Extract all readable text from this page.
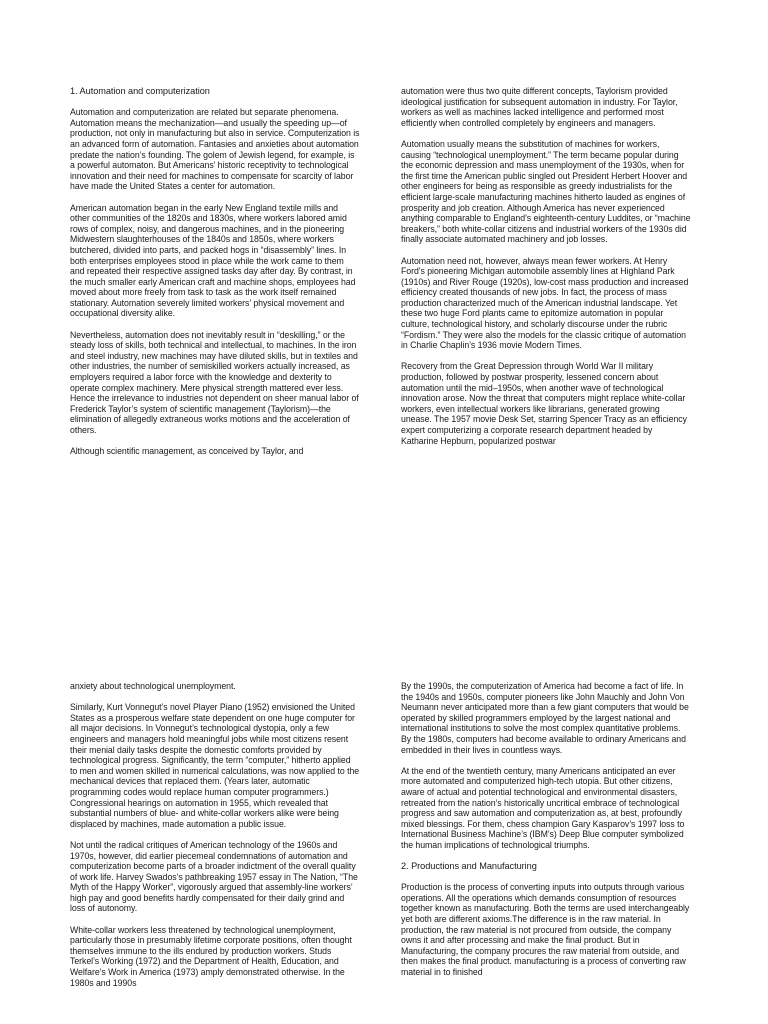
1. Automation and computerization

Automation and computerization are related but separate phenomena. Automation means the mechanization—and usually the speeding up—of production, not only in manufacturing but also in service. Computerization is an advanced form of automation. Fantasies and anxieties about automation predate the nation’s founding. The golem of Jewish legend, for example, is a powerful automaton. But Americans’ historic receptivity to technological innovation and their need for machines to compensate for scarcity of labor have made the United States a center for automation.

American automation began in the early New England textile mills and other communities of the 1820s and 1830s, where workers labored amid rows of complex, noisy, and dangerous machines, and in the pioneering Midwestern slaughterhouses of the 1840s and 1850s, where workers butchered, divided into parts, and packed hogs in “disassembly” lines. In both enterprises employees stood in place while the work came to them and repeated their respective assigned tasks day after day. By contrast, in the much smaller early American craft and machine shops, employees had moved about more freely from task to task as the work itself remained stationary. Automation severely limited workers’ physical movement and occupational diversity alike.

Nevertheless, automation does not inevitably result in “deskilling,” or the steady loss of skills, both technical and intellectual, to machines. In the iron and steel industry, new machines may have diluted skills, but in textiles and other industries, the number of semiskilled workers actually increased, as employers required a labor force with the knowledge and dexterity to operate complex machinery. Mere physical strength mattered ever less. Hence the irrelevance to industries not dependent on sheer manual labor of Frederick Taylor’s system of scientific management (Taylorism)—the elimination of allegedly extraneous works motions and the acceleration of others.

Although scientific management, as conceived by Taylor, and

automation were thus two quite different concepts, Taylorism provided ideological justification for subsequent automation in industry. For Taylor, workers as well as machines lacked intelligence and performed most efficiently when controlled completely by engineers and managers.

Automation usually means the substitution of machines for workers, causing “technological unemployment.” The term became popular during the economic depression and mass unemployment of the 1930s, when for the first time the American public singled out President Herbert Hoover and other engineers for being as responsible as greedy industrialists for the efficient large-scale manufacturing machines hitherto lauded as engines of prosperity and job creation. Although America has never experienced anything comparable to England’s eighteenth-century Luddites, or “machine breakers,” both white-collar citizens and industrial workers of the 1930s did finally associate automated machinery and job losses.

Automation need not, however, always mean fewer workers. At Henry Ford’s pioneering Michigan automobile assembly lines at Highland Park (1910s) and River Rouge (1920s), low-cost mass production and increased efficiency created thousands of new jobs. In fact, the process of mass production characterized much of the American industrial landscape. Yet these two huge Ford plants came to epitomize automation in popular culture, technological history, and scholarly discourse under the rubric “Fordism.” They were also the models for the classic critique of automation in Charlie Chaplin’s 1936 movie Modern Times.

Recovery from the Great Depression through World War II military production, followed by postwar prosperity, lessened concern about automation until the mid–1950s, when another wave of technological innovation arose. Now the threat that computers might replace white-collar workers, even intellectual workers like librarians, generated growing unease. The 1957 movie Desk Set, starring Spencer Tracy as an efficiency expert computerizing a corporate research department headed by Katharine Hepburn, popularized postwar

anxiety about technological unemployment.

Similarly, Kurt Vonnegut’s novel Player Piano (1952) envisioned the United States as a prosperous welfare state dependent on one huge computer for all major decisions. In Vonnegut’s technological dystopia, only a few engineers and managers hold meaningful jobs while most citizens resent their menial daily tasks despite the domestic comforts provided by technological progress. Significantly, the term “computer,” hitherto applied to men and women skilled in numerical calculations, was now applied to the mechanical devices that replaced them. (Years later, automatic programming codes would replace human computer programmers.) Congressional hearings on automation in 1955, which revealed that substantial numbers of blue- and white-collar workers alike were being displaced by machines, made automation a public issue.

Not until the radical critiques of American technology of the 1960s and 1970s, however, did earlier piecemeal condemnations of automation and computerization become parts of a broader indictment of the overall quality of work life. Harvey Swados’s pathbreaking 1957 essay in The Nation, “The Myth of the Happy Worker”, vigorously argued that assembly-line workers’ high pay and good benefits hardly compensated for their daily grind and loss of autonomy.

White-collar workers less threatened by technological unemployment, particularly those in presumably lifetime corporate positions, often thought themselves immune to the ills endured by production workers. Studs Terkel’s Working (1972) and the Department of Health, Education, and Welfare’s Work in America (1973) amply demonstrated otherwise. In the 1980s and 1990s

By the 1990s, the computerization of America had become a fact of life. In the 1940s and 1950s, computer pioneers like John Mauchly and John Von Neumann never anticipated more than a few giant computers that would be operated by skilled programmers employed by the largest national and international institutions to solve the most complex quantitative problems. By the 1980s, computers had become available to ordinary Americans and embedded in their lives in countless ways.

At the end of the twentieth century, many Americans anticipated an ever more automated and computerized high-tech utopia. But other citizens, aware of actual and potential technological and environmental disasters, retreated from the nation’s historically uncritical embrace of technological progress and saw automation and computerization as, at best, profoundly mixed blessings. For them, chess champion Gary Kasparov’s 1997 loss to International Business Machine’s (IBM’s) Deep Blue computer symbolized the human implications of technological triumphs.

2. Productions and Manufacturing

Production is the process of converting inputs into outputs through various operations. All the operations which demands consumption of resources together known as manufacturing. Both the terms are used interchangeably yet both are different axioms.The difference is in the raw material. In production, the raw material is not procured from outside, the company owns it and after processing and make the final product. But in Manufacturing, the company procures the raw material from outside, and then makes the final product. manufacturing is a process of converting raw material in to finished
